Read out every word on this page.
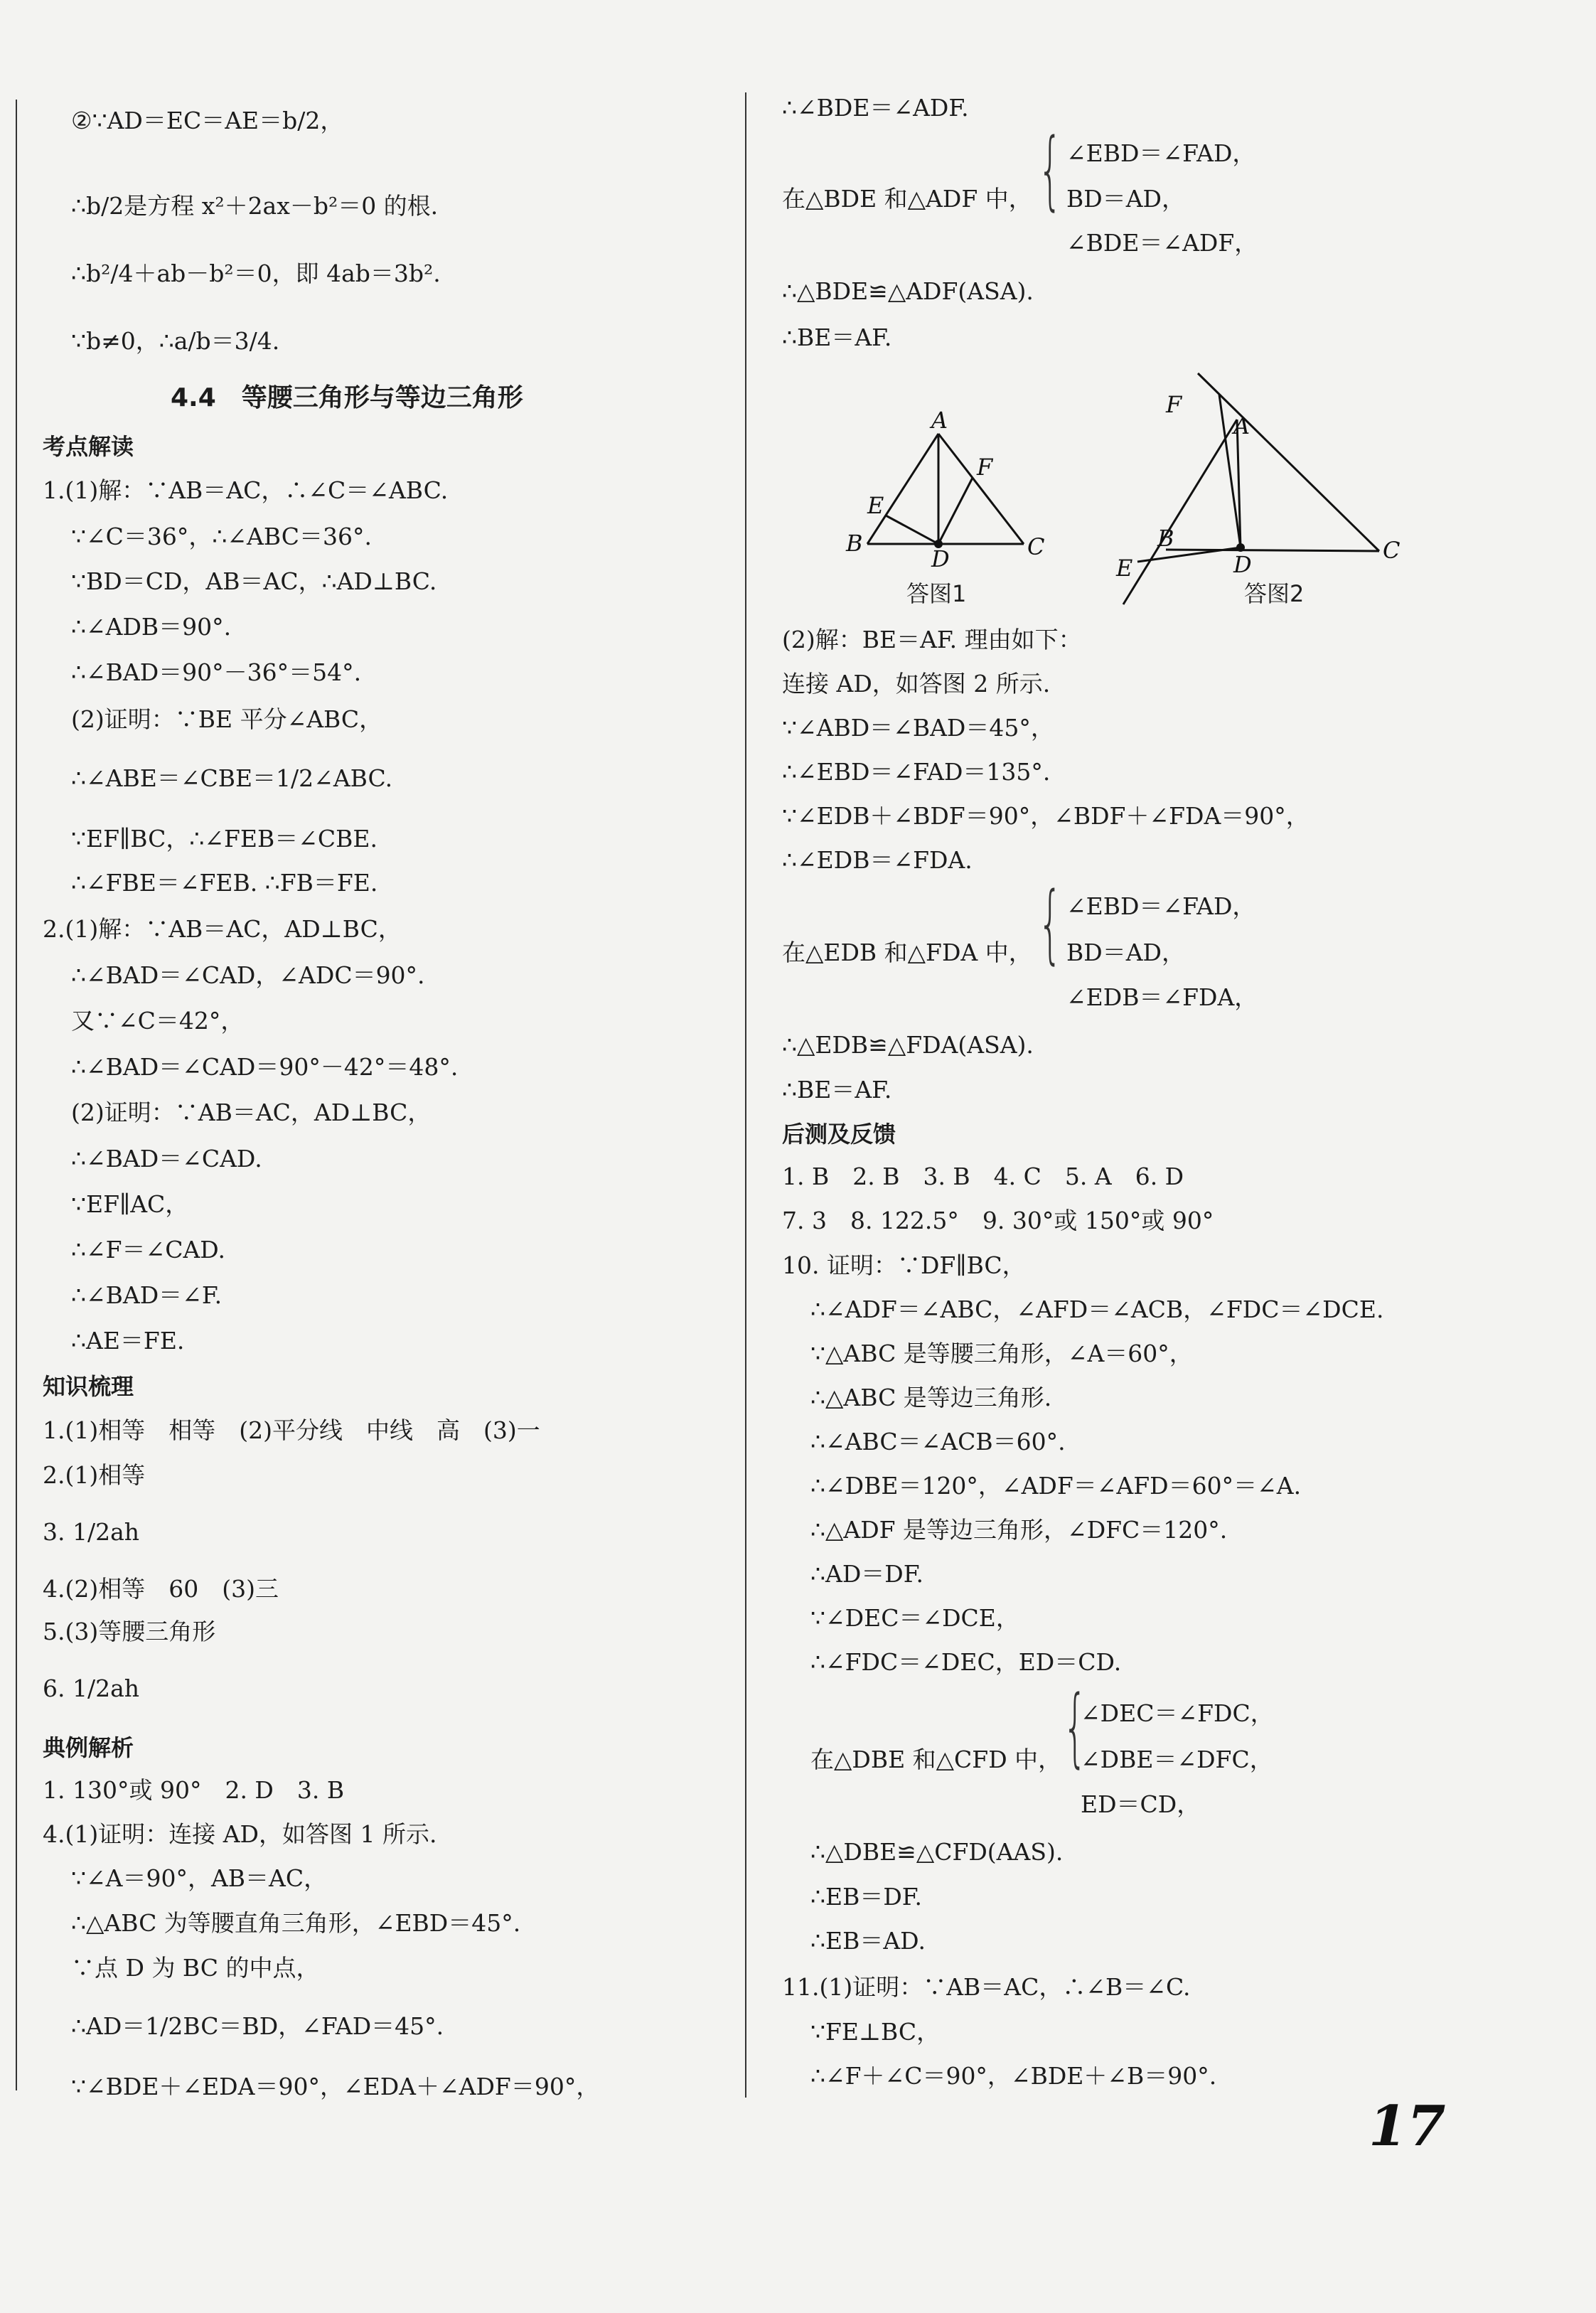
②∵AD＝EC＝AE＝b/2，
∴b/2是方程 x²＋2ax－b²＝0 的根.
∴b²/4＋ab－b²＝0，即 4ab＝3b².
∵b≠0，∴a/b＝3/4.
4.4　等腰三角形与等边三角形
考点解读
1.(1)解：∵AB＝AC，∴∠C＝∠ABC.
∵∠C＝36°，∴∠ABC＝36°.
∵BD＝CD，AB＝AC，∴AD⊥BC.
∴∠ADB＝90°.
∴∠BAD＝90°－36°＝54°.
(2)证明：∵BE 平分∠ABC，
∴∠ABE＝∠CBE＝1/2∠ABC.
∵EF∥BC，∴∠FEB＝∠CBE.
∴∠FBE＝∠FEB. ∴FB＝FE.
2.(1)解：∵AB＝AC，AD⊥BC，
∴∠BAD＝∠CAD，∠ADC＝90°.
又∵∠C＝42°，
∴∠BAD＝∠CAD＝90°－42°＝48°.
(2)证明：∵AB＝AC，AD⊥BC，
∴∠BAD＝∠CAD.
∵EF∥AC，
∴∠F＝∠CAD.
∴∠BAD＝∠F.
∴AE＝FE.
知识梳理
1.(1)相等　相等　(2)平分线　中线　高　(3)一
2.(1)相等
3. 1/2ah
4.(2)相等　60　(3)三
5.(3)等腰三角形
6. 1/2ah
典例解析
1. 130°或 90°　2. D　3. B
4.(1)证明：连接 AD，如答图 1 所示.
∵∠A＝90°，AB＝AC，
∴△ABC 为等腰直角三角形，∠EBD＝45°.
∵点 D 为 BC 的中点，
∴AD＝1/2BC＝BD，∠FAD＝45°.
∵∠BDE＋∠EDA＝90°，∠EDA＋∠ADF＝90°，
∴∠BDE＝∠ADF.
{ ∠EBD＝∠FAD，
在△BDE 和△ADF 中， BD＝AD，
∠BDE＝∠ADF，
∴△BDE≌△ADF(ASA).
∴BE＝AF.
A
F
E
B
D	C
答图1
F
A
B
D
C
E
答图2
(2)解：BE＝AF. 理由如下：
连接 AD，如答图 2 所示.
∵∠ABD＝∠BAD＝45°，
∴∠EBD＝∠FAD＝135°.
∵∠EDB＋∠BDF＝90°，∠BDF＋∠FDA＝90°，
∴∠EDB＝∠FDA.
{ ∠EBD＝∠FAD，
在△EDB 和△FDA 中， BD＝AD，
∠EDB＝∠FDA，
∴△EDB≌△FDA(ASA).
∴BE＝AF.
后测及反馈
1. B　2. B　3. B　4. C　5. A　6. D
7. 3　8. 122.5°　9. 30°或 150°或 90°
10. 证明：∵DF∥BC，
∴∠ADF＝∠ABC，∠AFD＝∠ACB，∠FDC＝∠DCE.
∵△ABC 是等腰三角形，∠A＝60°，
∴△ABC 是等边三角形.
∴∠ABC＝∠ACB＝60°.
∴∠DBE＝120°，∠ADF＝∠AFD＝60°＝∠A.
∴△ADF 是等边三角形，∠DFC＝120°.
∴AD＝DF.
∵∠DEC＝∠DCE，
∴∠FDC＝∠DEC，ED＝CD.
{
∠DEC＝∠FDC，
在△DBE 和△CFD 中， ∠DBE＝∠DFC，
ED＝CD，
∴△DBE≌△CFD(AAS).
∴EB＝DF.
∴EB＝AD.
11.(1)证明：∵AB＝AC，∴∠B＝∠C.
∵FE⊥BC，
∴∠F＋∠C＝90°，∠BDE＋∠B＝90°.
17
